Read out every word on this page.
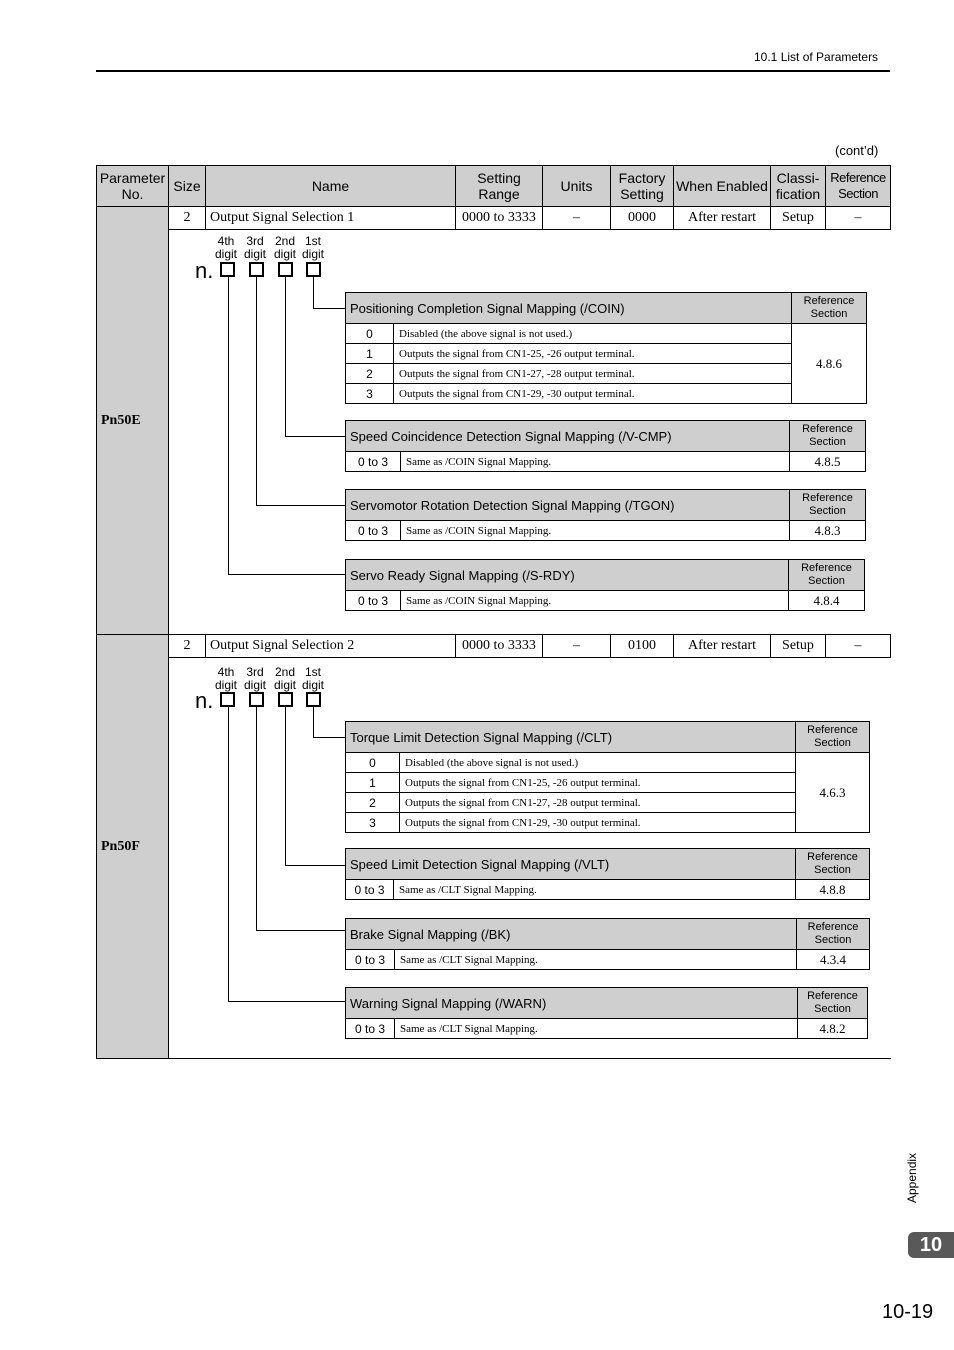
10.1 List of Parameters
(cont’d)
Parameter No.	Size	Name	Setting Range	Units	Factory Setting	When Enabled	Classi-fication	Reference Section
Pn50E	2	Output Signal Selection 1	0000 to 3333	–	0000	After restart	Setup	–

Pn50F	2	Output Signal Selection 2	0000 to 3333	–	0100	After restart	Setup	–

4th digit
3rd digit
2nd digit
1st digit
n.
Positioning Completion Signal Mapping (/COIN)		Reference Section
0	Disabled (the above signal is not used.)	4.8.6
1	Outputs the signal from CN1-25, -26 output terminal.	
2	Outputs the signal from CN1-27, -28 output terminal.	
3	Outputs the signal from CN1-29, -30 output terminal.	
Speed Coincidence Detection Signal Mapping (/V-CMP)		Reference Section
0 to 3	Same as /COIN Signal Mapping.	4.8.5
Servomotor Rotation Detection Signal Mapping (/TGON)		Reference Section
0 to 3	Same as /COIN Signal Mapping.	4.8.3
Servo Ready Signal Mapping (/S-RDY)		Reference Section
0 to 3	Same as /COIN Signal Mapping.	4.8.4
4th digit
3rd digit
2nd digit
1st digit
n.
Torque Limit Detection Signal Mapping (/CLT)		Reference Section
0	Disabled (the above signal is not used.)	4.6.3
1	Outputs the signal from CN1-25, -26 output terminal.	
2	Outputs the signal from CN1-27, -28 output terminal.	
3	Outputs the signal from CN1-29, -30 output terminal.	
Speed Limit Detection Signal Mapping (/VLT)		Reference Section
0 to 3	Same as /CLT Signal Mapping.	4.8.8
Brake Signal Mapping (/BK)		Reference Section
0 to 3	Same as /CLT Signal Mapping.	4.3.4
Warning Signal Mapping (/WARN)		Reference Section
0 to 3	Same as /CLT Signal Mapping.	4.8.2
Appendix
10
10-19
